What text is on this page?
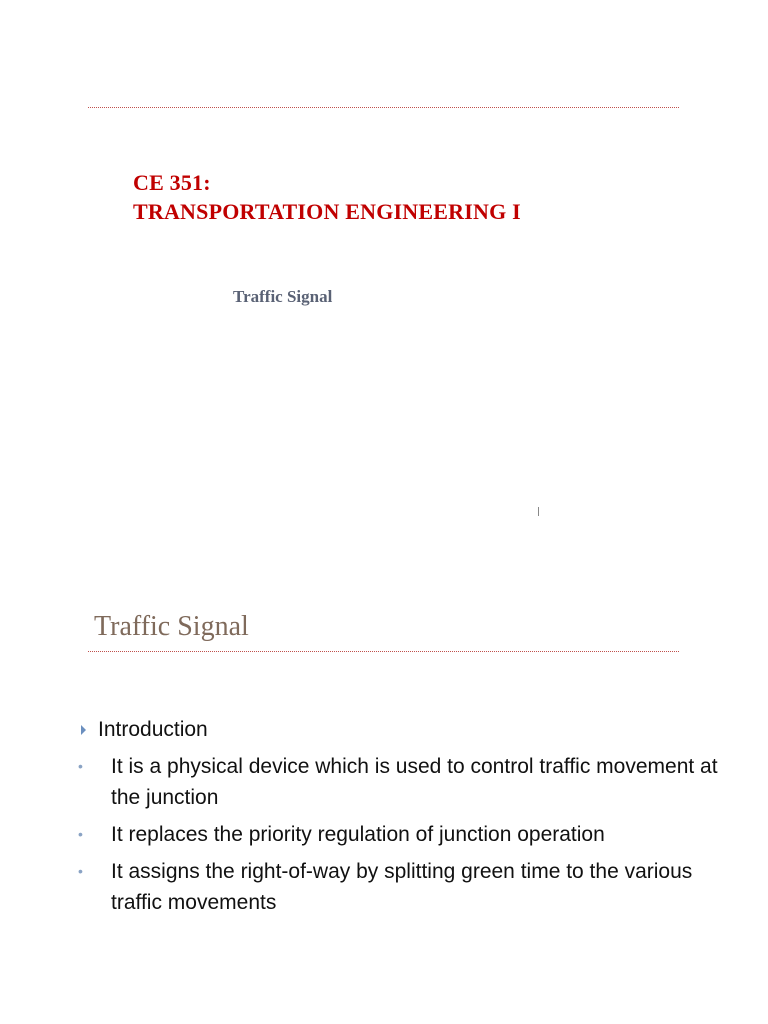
CE 351:
TRANSPORTATION ENGINEERING I
Traffic Signal
Traffic Signal
Introduction
• It is a physical device which is used to control traffic movement at the junction
• It replaces the priority regulation of junction operation
• It assigns the right-of-way by splitting green time to the various traffic movements
